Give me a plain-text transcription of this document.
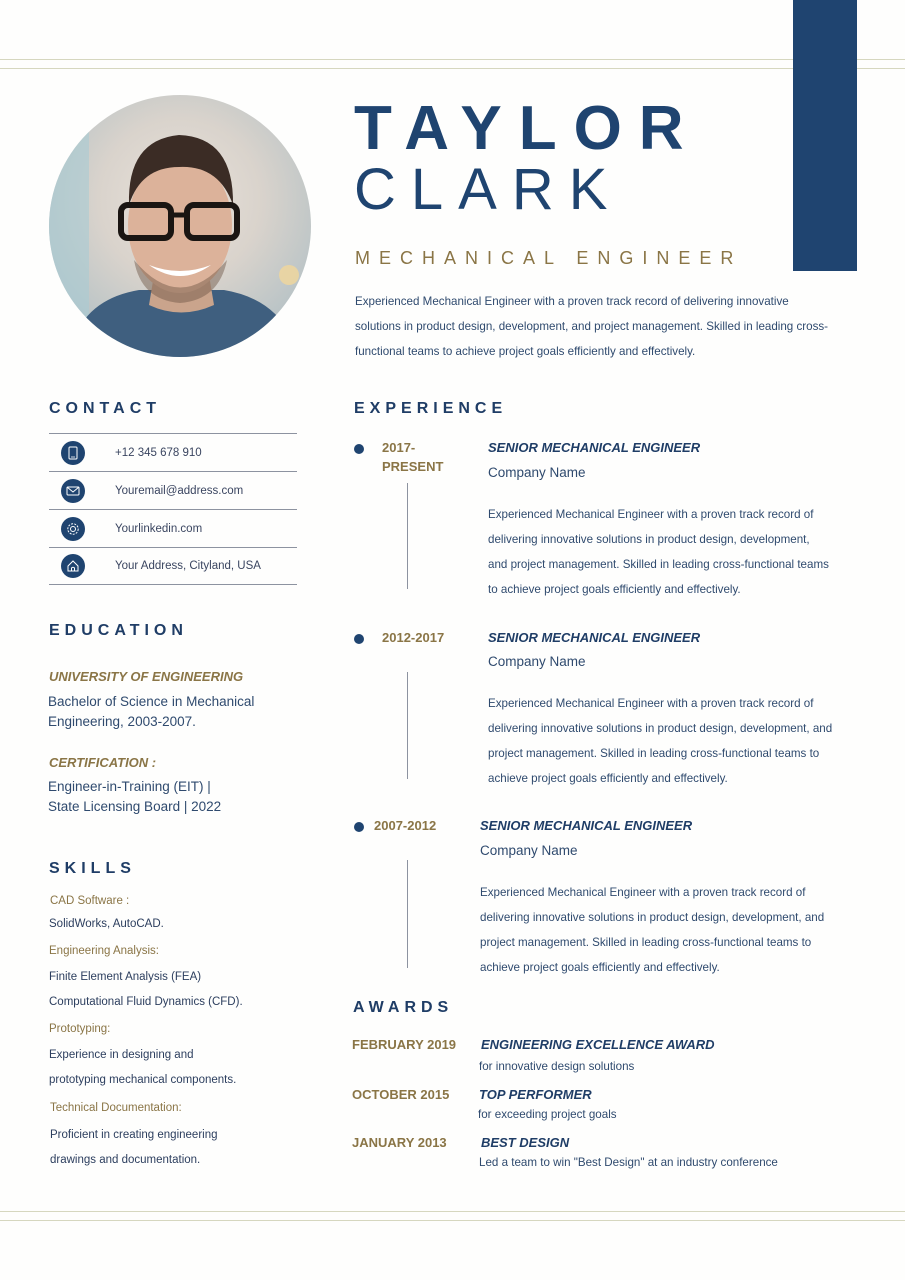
TAYLOR
CLARK
MECHANICAL ENGINEER
Experienced Mechanical Engineer with a proven track record of delivering innovative solutions in product design, development, and project management. Skilled in leading cross-functional teams to achieve project goals efficiently and effectively.
CONTACT
+12 345 678 910
Youremail@address.com
Yourlinkedin.com
Your Address, Cityland, USA
EDUCATION
UNIVERSITY OF ENGINEERING
Bachelor of Science in Mechanical
Engineering, 2003-2007.
CERTIFICATION :
Engineer-in-Training (EIT) |
State Licensing Board | 2022
SKILLS
CAD Software :
SolidWorks, AutoCAD.
Engineering Analysis:
Finite Element Analysis (FEA)
Computational Fluid Dynamics (CFD).
Prototyping:
Experience in designing and
prototyping mechanical components.
Technical Documentation:
Proficient in creating engineering
drawings and documentation.
EXPERIENCE
2017-
PRESENT
SENIOR MECHANICAL ENGINEER
Company Name
Experienced Mechanical Engineer with a proven track record of
delivering innovative solutions in product design, development,
and project management. Skilled in leading cross-functional teams
to achieve project goals efficiently and effectively.
2012-2017	SENIOR MECHANICAL ENGINEER
Company Name
Experienced Mechanical Engineer with a proven track record of
delivering innovative solutions in product design, development, and
project management. Skilled in leading cross-functional teams to
achieve project goals efficiently and effectively.
2007-2012	SENIOR MECHANICAL ENGINEER
Company Name
Experienced Mechanical Engineer with a proven track record of
delivering innovative solutions in product design, development, and
project management. Skilled in leading cross-functional teams to
achieve project goals efficiently and effectively.
AWARDS
FEBRUARY 2019 ENGINEERING EXCELLENCE AWARD
for innovative design solutions
OCTOBER 2015 TOP PERFORMER
for exceeding project goals
JANUARY 2013	BEST DESIGN
Led a team to win "Best Design" at an industry conference
